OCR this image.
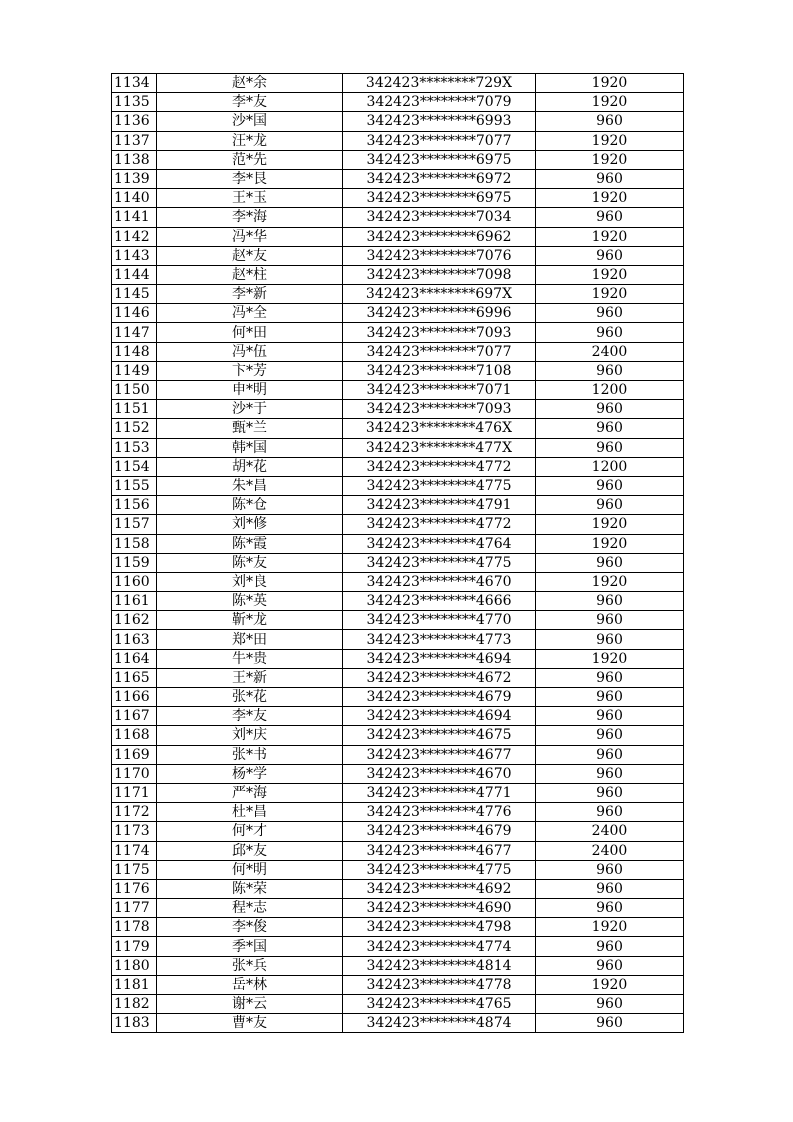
1134	赵*余	342423********729X	1920
1135	李*友	342423********7079	1920
1136	沙*国	342423********6993	960
1137	汪*龙	342423********7077	1920
1138	范*先	342423********6975	1920
1139	李*艮	342423********6972	960
1140	王*玉	342423********6975	1920
1141	李*海	342423********7034	960
1142	冯*华	342423********6962	1920
1143	赵*友	342423********7076	960
1144	赵*柱	342423********7098	1920
1145	李*新	342423********697X	1920
1146	冯*全	342423********6996	960
1147	何*田	342423********7093	960
1148	冯*伍	342423********7077	2400
1149	卞*芳	342423********7108	960
1150	申*明	342423********7071	1200
1151	沙*于	342423********7093	960
1152	甄*兰	342423********476X	960
1153	韩*国	342423********477X	960
1154	胡*花	342423********4772	1200
1155	朱*昌	342423********4775	960
1156	陈*仓	342423********4791	960
1157	刘*修	342423********4772	1920
1158	陈*霞	342423********4764	1920
1159	陈*友	342423********4775	960
1160	刘*良	342423********4670	1920
1161	陈*英	342423********4666	960
1162	靳*龙	342423********4770	960
1163	郑*田	342423********4773	960
1164	牛*贵	342423********4694	1920
1165	王*新	342423********4672	960
1166	张*花	342423********4679	960
1167	李*友	342423********4694	960
1168	刘*庆	342423********4675	960
1169	张*书	342423********4677	960
1170	杨*学	342423********4670	960
1171	严*海	342423********4771	960
1172	杜*昌	342423********4776	960
1173	何*才	342423********4679	2400
1174	邱*友	342423********4677	2400
1175	何*明	342423********4775	960
1176	陈*荣	342423********4692	960
1177	程*志	342423********4690	960
1178	李*俊	342423********4798	1920
1179	季*国	342423********4774	960
1180	张*兵	342423********4814	960
1181	岳*林	342423********4778	1920
1182	谢*云	342423********4765	960
1183	曹*友	342423********4874	960
